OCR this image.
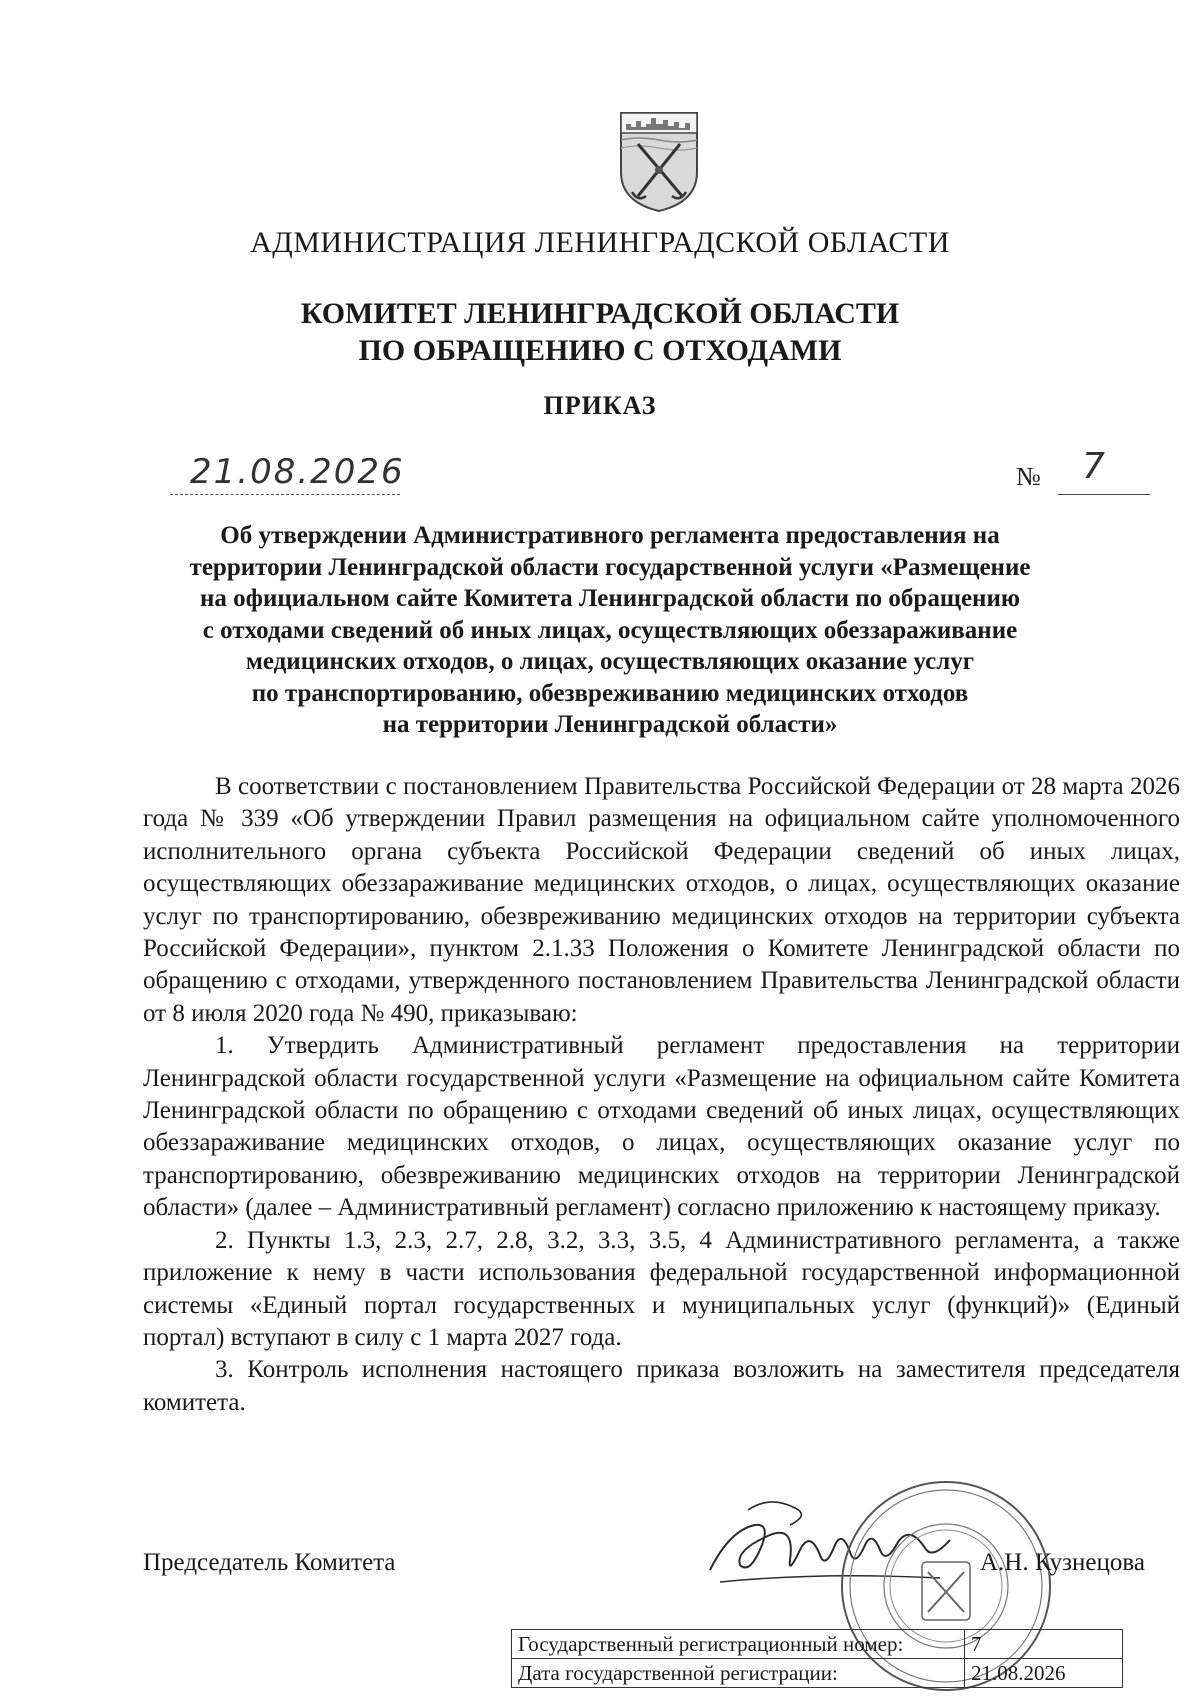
АДМИНИСТРАЦИЯ ЛЕНИНГРАДСКОЙ ОБЛАСТИ
КОМИТЕТ ЛЕНИНГРАДСКОЙ ОБЛАСТИ
ПО ОБРАЩЕНИЮ С ОТХОДАМИ
ПРИКАЗ
21.08.2026	№ 7
Об утверждении Административного регламента предоставления на
территории Ленинградской области государственной услуги «Размещение
на официальном сайте Комитета Ленинградской области по обращению
с отходами сведений об иных лицах, осуществляющих обеззараживание
медицинских отходов, о лицах, осуществляющих оказание услуг
по транспортированию, обезвреживанию медицинских отходов
на территории Ленинградской области»

В соответствии с постановлением Правительства Российской Федерации от 28 марта 2026 года № 339 «Об утверждении Правил размещения на официальном сайте уполномоченного исполнительного органа субъекта Российской Федерации сведений об иных лицах, осуществляющих обеззараживание медицинских отходов, о лицах, осуществляющих оказание услуг по транспортированию, обезвреживанию медицинских отходов на территории субъекта Российской Федерации», пунктом 2.1.33 Положения о Комитете Ленинградской области по обращению с отходами, утвержденного постановлением Правительства Ленинградской области от 8 июля 2020 года № 490, приказываю:

1. Утвердить Административный регламент предоставления на территории Ленинградской области государственной услуги «Размещение на официальном сайте Комитета Ленинградской области по обращению с отходами сведений об иных лицах, осуществляющих обеззараживание медицинских отходов, о лицах, осуществляющих оказание услуг по транспортированию, обезвреживанию медицинских отходов на территории Ленинградской области» (далее – Административный регламент) согласно приложению к настоящему приказу.

2. Пункты 1.3, 2.3, 2.7, 2.8, 3.2, 3.3, 3.5, 4 Административного регламента, а также приложение к нему в части использования федеральной государственной информационной системы «Единый портал государственных и муниципальных услуг (функций)» (Единый портал) вступают в силу с 1 марта 2027 года.

3. Контроль исполнения настоящего приказа возложить на заместителя председателя комитета.

Председатель Комитета	А.Н. Кузнецова
Государственный регистрационный номер:	7
Дата государственной регистрации:	21.08.2026
